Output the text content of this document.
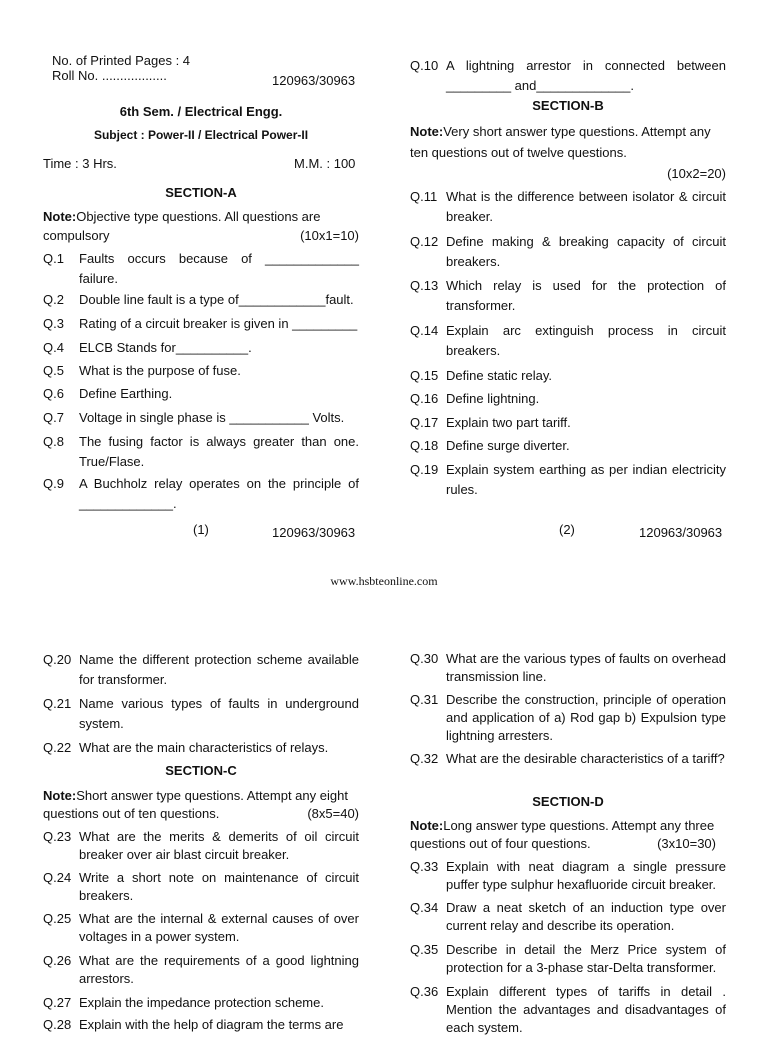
No. of Printed Pages : 4
Roll No. ..................	120963/30963
6th Sem. / Electrical Engg.
Subject : Power-II / Electrical Power-II
Time : 3 Hrs.	M.M. : 100
SECTION-A
Note:Objective type questions. All questions are compulsory	(10x1=10)
Q.1 Faults occurs because of _____________ failure.
Q.2 Double line fault is a type of____________fault.
Q.3 Rating of a circuit breaker is given in _________
Q.4 ELCB Stands for__________.
Q.5 What is the purpose of fuse.
Q.6 Define Earthing.
Q.7 Voltage in single phase is ___________ Volts.
Q.8 The fusing factor is always greater than one. True/Flase.
Q.9 A Buchholz relay operates on the principle of _____________.
(1)	120963/30963
Q.10 A lightning arrestor in connected between _________ and_____________.
SECTION-B
Note:Very short answer type questions. Attempt any ten questions out of twelve questions.
(10x2=20)
Q.11 What is the difference between isolator & circuit breaker.
Q.12 Define making & breaking capacity of circuit breakers.
Q.13 Which relay is used for the protection of transformer.
Q.14 Explain arc extinguish process in circuit breakers.
Q.15 Define static relay.
Q.16 Define lightning.
Q.17 Explain two part tariff.
Q.18 Define surge diverter.
Q.19 Explain system earthing as per indian electricity rules.
(2)	120963/30963
www.hsbteonline.com
Q.20 Name the different protection scheme available for transformer.
Q.21 Name various types of faults in underground system.
Q.22 What are the main characteristics of relays.
SECTION-C
Note:Short answer type questions. Attempt any eight questions out of ten questions.	(8x5=40)
Q.23 What are the merits & demerits of oil circuit breaker over air blast circuit breaker.
Q.24 Write a short note on maintenance of circuit breakers.
Q.25 What are the internal & external causes of over voltages in a power system.
Q.26 What are the requirements of a good lightning arrestors.
Q.27 Explain the impedance protection scheme.
Q.28 Explain with the help of diagram the terms are
Q.30 What are the various types of faults on overhead transmission line.
Q.31 Describe the construction, principle of operation and application of a) Rod gap b) Expulsion type lightning arresters.
Q.32 What are the desirable characteristics of a tariff?
SECTION-D
Note:Long answer type questions. Attempt any three questions out of four questions.	(3x10=30)
Q.33 Explain with neat diagram a single pressure puffer type sulphur hexafluoride circuit breaker.
Q.34 Draw a neat sketch of an induction type over current relay and describe its operation.
Q.35 Describe in detail the Merz Price system of protection for a 3-phase star-Delta transformer.
Q.36 Explain different types of tariffs in detail . Mention the advantages and disadvantages of each system.
